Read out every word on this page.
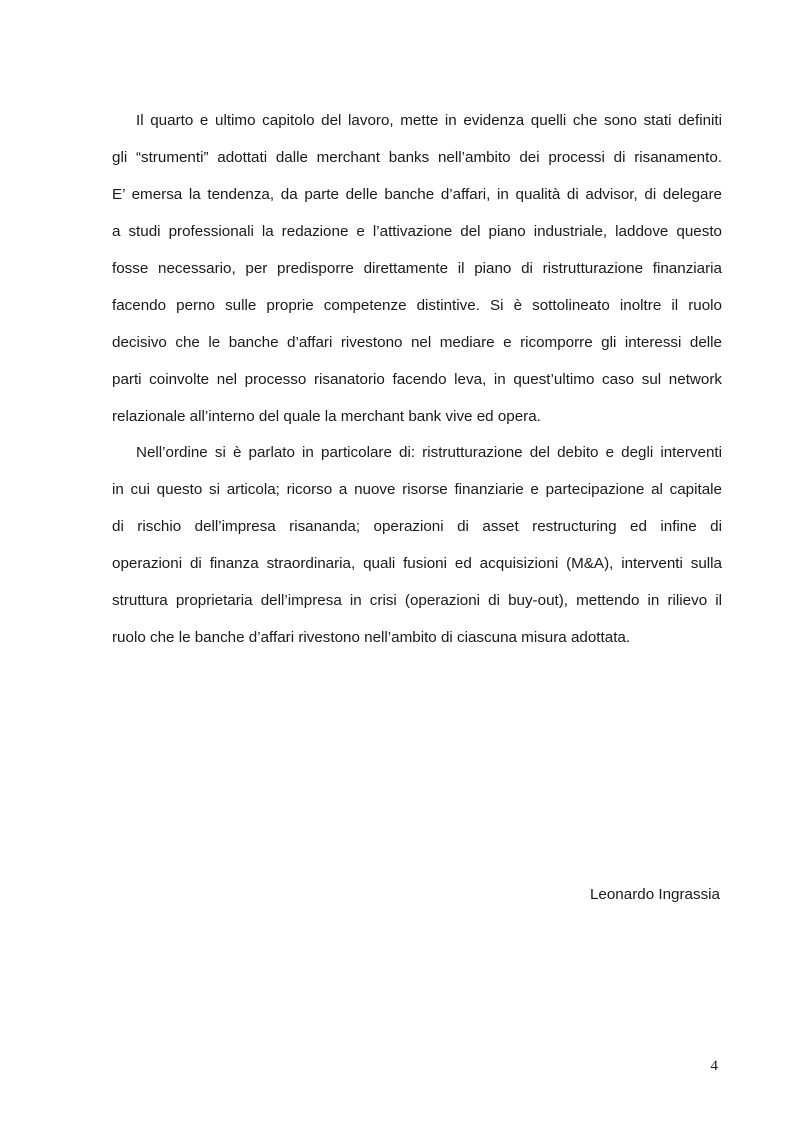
Il quarto e ultimo capitolo del lavoro, mette in evidenza quelli che sono stati definiti
gli “strumenti” adottati dalle merchant banks nell’ambito dei processi di risanamento.
E’ emersa la tendenza, da parte delle banche d’affari, in qualità di advisor, di delegare
a studi professionali la redazione e l’attivazione del piano industriale, laddove questo
fosse necessario, per predisporre direttamente il piano di ristrutturazione finanziaria
facendo perno sulle proprie competenze distintive. Si è sottolineato inoltre il ruolo
decisivo che le banche d’affari rivestono nel mediare e ricomporre gli interessi delle
parti coinvolte nel processo risanatorio facendo leva, in quest’ultimo caso sul network
relazionale all’interno del quale la merchant bank vive ed opera.
Nell’ordine si è parlato in particolare di: ristrutturazione del debito e degli interventi
in cui questo si articola; ricorso a nuove risorse finanziarie e partecipazione al capitale
di rischio dell’impresa risananda; operazioni di asset restructuring ed infine di
operazioni di finanza straordinaria, quali fusioni ed acquisizioni (M&A), interventi sulla
struttura proprietaria dell’impresa in crisi (operazioni di buy-out), mettendo in rilievo il
ruolo che le banche d’affari rivestono nell’ambito di ciascuna misura adottata.
Leonardo Ingrassia
4
